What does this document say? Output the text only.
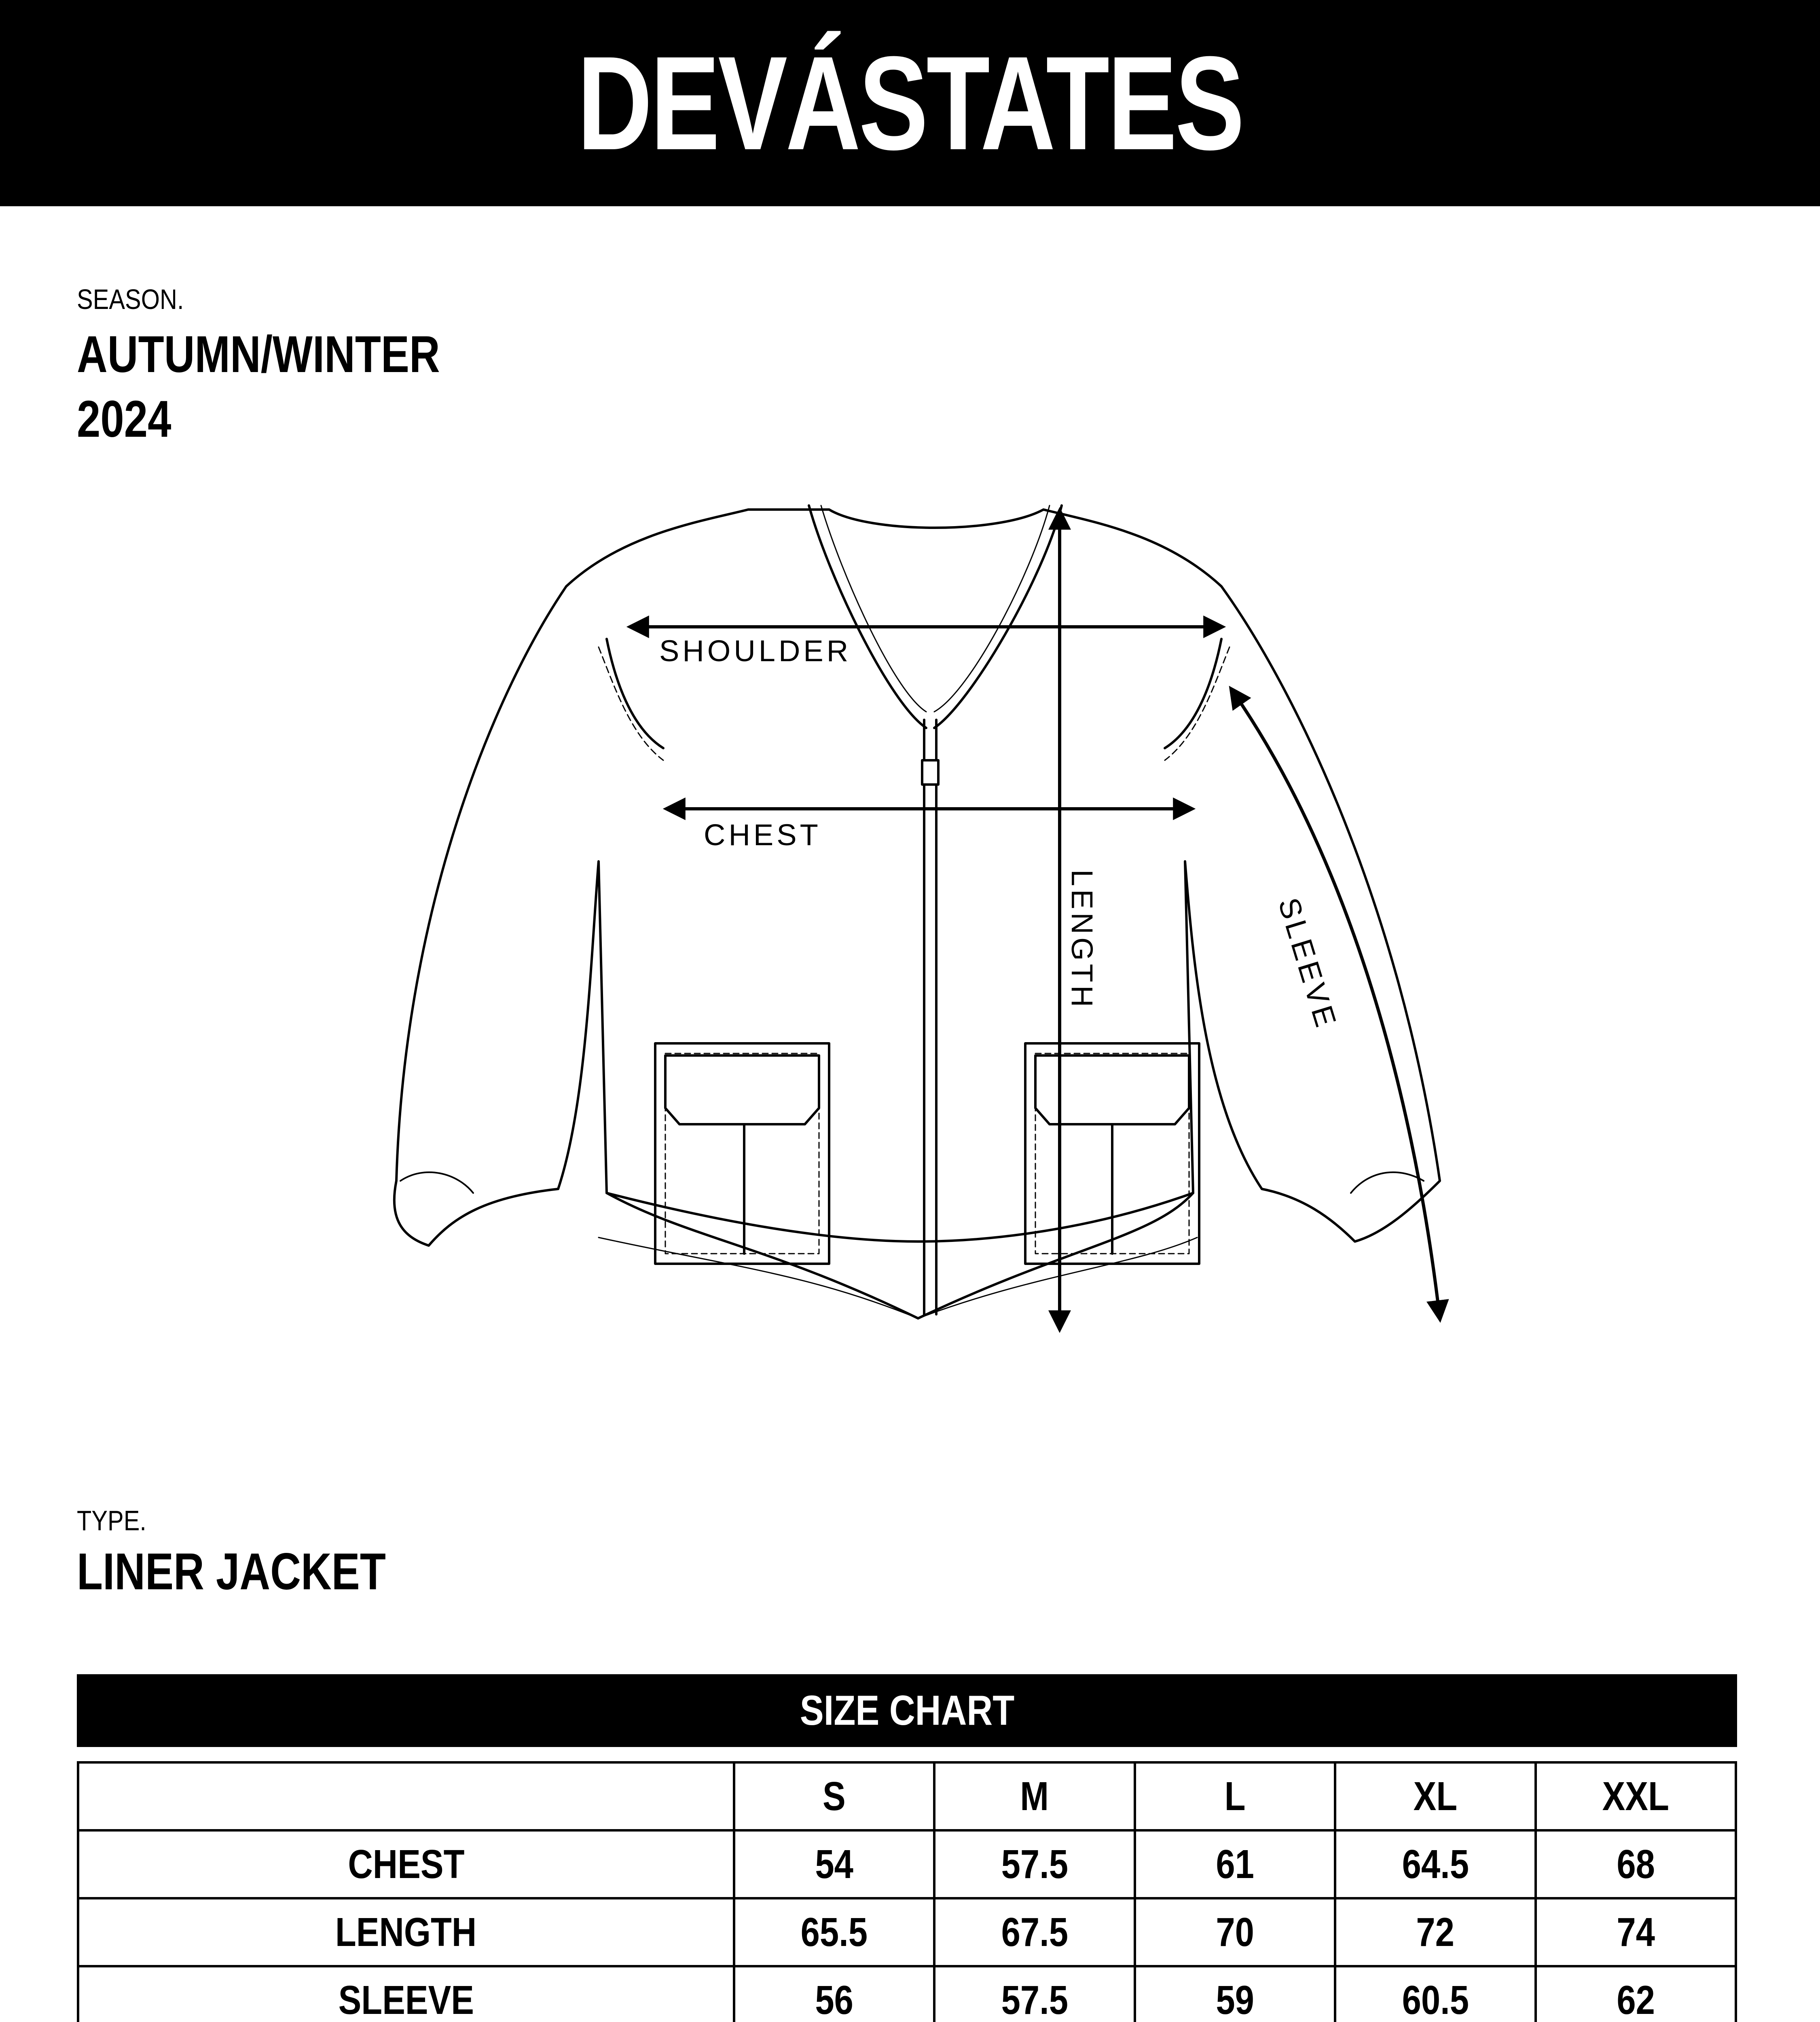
DEVÁSTATES
SEASON.
AUTUMN/WINTER
2024
SHOULDER
CHEST
LENGTH	SLEEVE
TYPE.
LINER JACKET
SIZE CHART
	S	M	L	XL	XXL
CHEST	54	57.5	61	64.5	68
LENGTH	65.5	67.5	70	72	74
SLEEVE	56	57.5	59	60.5	62
